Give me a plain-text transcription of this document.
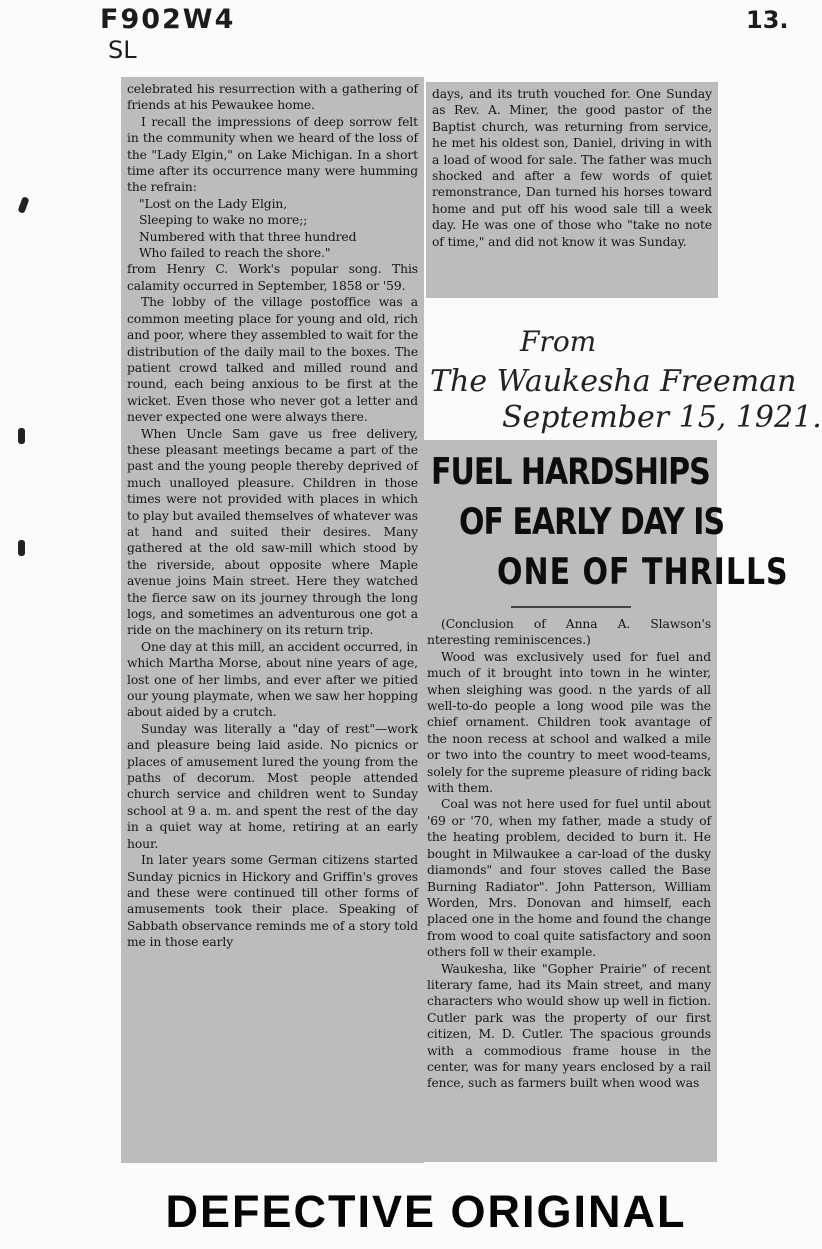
F902W4
SL
13.

celebrated his resurrection with a gathering of friends at his Pewaukee home.

I recall the impressions of deep sorrow felt in the community when we heard of the loss of the "Lady Elgin," on Lake Michigan. In a short time after its occurrence many were humming the refrain:

"Lost on the Lady Elgin,

Sleeping to wake no more;;

Numbered with that three hundred

Who failed to reach the shore."

from Henry C. Work's popular song. This calamity occurred in September, 1858 or '59.

The lobby of the village postoffice was a common meeting place for young and old, rich and poor, where they assembled to wait for the distribution of the daily mail to the boxes. The patient crowd talked and milled round and round, each being anxious to be first at the wicket. Even those who never got a letter and never expected one were always there.

When Uncle Sam gave us free delivery, these pleasant meetings became a part of the past and the young people thereby deprived of much unalloyed pleasure. Children in those times were not provided with places in which to play but availed themselves of whatever was at hand and suited their desires. Many gathered at the old saw-mill which stood by the riverside, about opposite where Maple avenue joins Main street. Here they watched the fierce saw on its journey through the long logs, and sometimes an adventurous one got a ride on the machinery on its return trip.

One day at this mill, an accident occurred, in which Martha Morse, about nine years of age, lost one of her limbs, and ever after we pitied our young playmate, when we saw her hopping about aided by a crutch.

Sunday was literally a "day of rest"—work and pleasure being laid aside. No picnics or places of amusement lured the young from the paths of decorum. Most people attended church service and children went to Sunday school at 9 a. m. and spent the rest of the day in a quiet way at home, retiring at an early hour.

In later years some German citizens started Sunday picnics in Hickory and Griffin's groves and these were continued till other forms of amusements took their place. Speaking of Sabbath observance reminds me of a story told me in those early

days, and its truth vouched for. One Sunday as Rev. A. Miner, the good pastor of the Baptist church, was returning from service, he met his oldest son, Daniel, driving in with a load of wood for sale. The father was much shocked and after a few words of quiet remonstrance, Dan turned his horses toward home and put off his wood sale till a week day. He was one of those who "take no note of time," and did not know it was Sunday.

From
The Waukesha Freeman
September 15, 1921.
FUEL HARDSHIPS
OF EARLY DAY IS
ONE OF THRILLS

(Conclusion of Anna A. Slawson's nteresting reminiscences.)

Wood was exclusively used for fuel and much of it brought into town in he winter, when sleighing was good. n the yards of all well-to-do people a long wood pile was the chief ornament. Children took avantage of the noon recess at school and walked a mile or two into the country to meet wood-teams, solely for the supreme pleasure of riding back with them.

Coal was not here used for fuel until about '69 or '70, when my father, made a study of the heating problem, decided to burn it. He bought in Milwaukee a car-load of the dusky diamonds" and four stoves called the Base Burning Radiator". John Patterson, William Worden, Mrs. Donovan and himself, each placed one in the home and found the change from wood to coal quite satisfactory and soon others foll w their example.

Waukesha, like "Gopher Prairie" of recent literary fame, had its Main street, and many characters who would show up well in fiction. Cutler park was the property of our first citizen, M. D. Cutler. The spacious grounds with a commodious frame house in the center, was for many years enclosed by a rail fence, such as farmers built when wood was

DEFECTIVE ORIGINAL
